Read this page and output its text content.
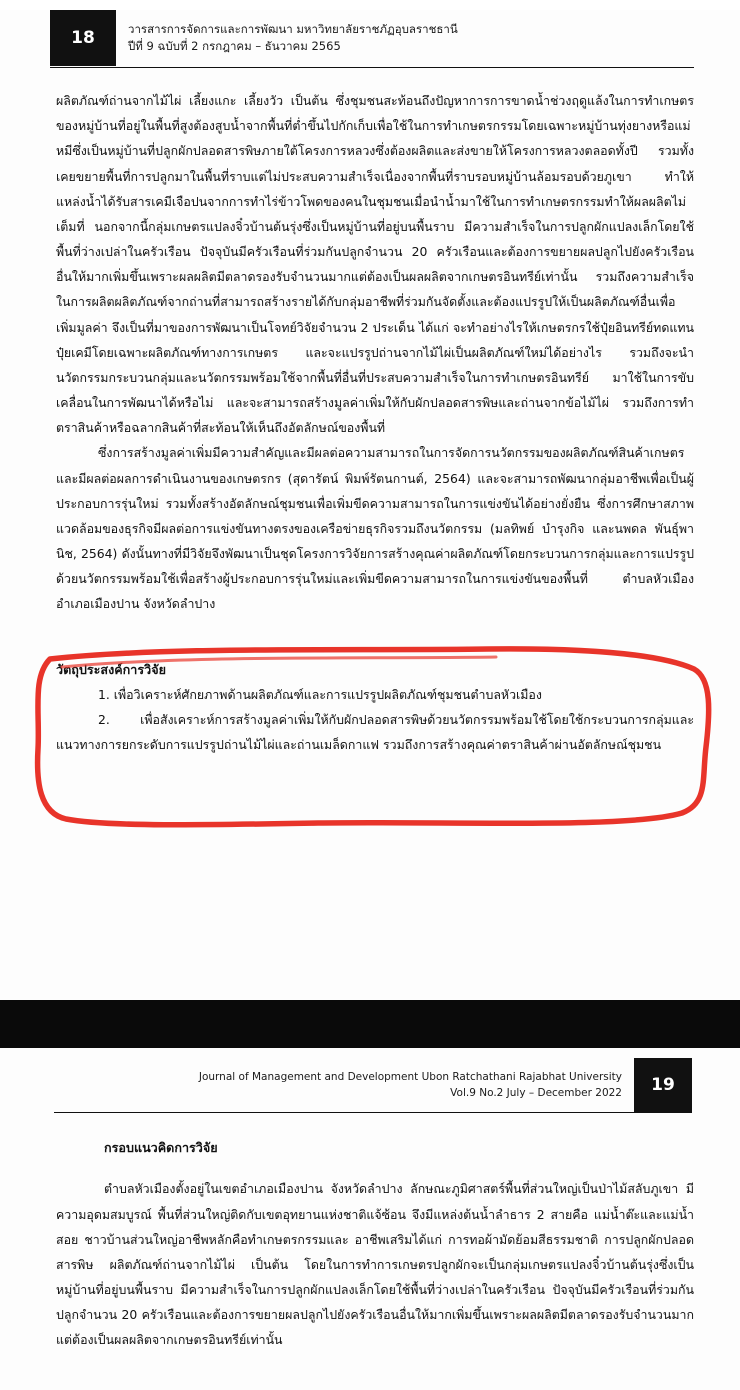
18	วารสารการจัดการและการพัฒนา มหาวิทยาลัยราชภัฏอุบลราชธานี
ปีที่ 9 ฉบับที่ 2 กรกฎาคม – ธันวาคม 2565

ผลิตภัณฑ์ถ่านจากไม้ไผ่ เลี้ยงแกะ เลี้ยงวัว เป็นต้น ซึ่งชุมชนสะท้อนถึงปัญหาการการขาดน้ำช่วงฤดูแล้งในการทำเกษตรของหมู่บ้านที่อยู่ในพื้นที่สูงต้องสูบน้ำจากพื้นที่ต่ำขึ้นไปกักเก็บเพื่อใช้ในการทำเกษตรกรรมโดยเฉพาะหมู่บ้านทุ่งยางหรือแม่หมีซึ่งเป็นหมู่บ้านที่ปลูกผักปลอดสารพิษภายใต้โครงการหลวงซึ่งต้องผลิตและส่งขายให้โครงการหลวงตลอดทั้งปี รวมทั้งเคยขยายพื้นที่การปลูกมาในพื้นที่ราบแต่ไม่ประสบความสำเร็จเนื่องจากพื้นที่ราบรอบหมู่บ้านล้อมรอบด้วยภูเขา ทำให้แหล่งน้ำได้รับสารเคมีเจือปนจากการทำไร่ข้าวโพดของคนในชุมชนเมื่อนำน้ำมาใช้ในการทำเกษตรกรรมทำให้ผลผลิตไม่เต็มที่ นอกจากนี้กลุ่มเกษตรแปลงจิ๋วบ้านต้นรุ่งซึ่งเป็นหมู่บ้านที่อยู่บนพื้นราบ มีความสำเร็จในการปลูกผักแปลงเล็กโดยใช้พื้นที่ว่างเปล่าในครัวเรือน ปัจจุบันมีครัวเรือนที่ร่วมกันปลูกจำนวน 20 ครัวเรือนและต้องการขยายผลปลูกไปยังครัวเรือนอื่นให้มากเพิ่มขึ้นเพราะผลผลิตมีตลาดรองรับจำนวนมากแต่ต้องเป็นผลผลิตจากเกษตรอินทรีย์เท่านั้น รวมถึงความสำเร็จในการผลิตผลิตภัณฑ์จากถ่านที่สามารถสร้างรายได้กับกลุ่มอาชีพที่ร่วมกันจัดตั้งและต้องแปรรูปให้เป็นผลิตภัณฑ์อื่นเพื่อเพิ่มมูลค่า จึงเป็นที่มาของการพัฒนาเป็นโจทย์วิจัยจำนวน 2 ประเด็น ได้แก่ จะทำอย่างไรให้เกษตรกรใช้ปุ๋ยอินทรีย์ทดแทนปุ๋ยเคมีโดยเฉพาะผลิตภัณฑ์ทางการเกษตร และจะแปรรูปถ่านจากไม้ไผ่เป็นผลิตภัณฑ์ใหม่ได้อย่างไร รวมถึงจะนำนวัตกรรมกระบวนกลุ่มและนวัตกรรมพร้อมใช้จากพื้นที่อื่นที่ประสบความสำเร็จในการทำเกษตรอินทรีย์ มาใช้ในการขับเคลื่อนในการพัฒนาได้หรือไม่ และจะสามารถสร้างมูลค่าเพิ่มให้กับผักปลอดสารพิษและถ่านจากข้อไม้ไผ่ รวมถึงการทำตราสินค้าหรือฉลากสินค้าที่สะท้อนให้เห็นถึงอัตลักษณ์ของพื้นที่

ซึ่งการสร้างมูลค่าเพิ่มมีความสำคัญและมีผลต่อความสามารถในการจัดการนวัตกรรมของผลิตภัณฑ์สินค้าเกษตรและมีผลต่อผลการดำเนินงานของเกษตรกร (สุดารัตน์ พิมพ์รัตนกานต์, 2564) และจะสามารถพัฒนากลุ่มอาชีพเพื่อเป็นผู้ประกอบการรุ่นใหม่ รวมทั้งสร้างอัตลักษณ์ชุมชนเพื่อเพิ่มขีดความสามารถในการแข่งขันได้อย่างยั่งยืน ซึ่งการศึกษาสภาพแวดล้อมของธุรกิจมีผลต่อการแข่งขันทางตรงของเครือข่ายธุรกิจรวมถึงนวัตกรรม (มลทิพย์ บำรุงกิจ และนพดล พันธุ์พานิช, 2564) ดังนั้นทางที่มีวิจัยจึงพัฒนาเป็นชุดโครงการวิจัยการสร้างคุณค่าผลิตภัณฑ์โดยกระบวนการกลุ่มและการแปรรูปด้วยนวัตกรรมพร้อมใช้เพื่อสร้างผู้ประกอบการรุ่นใหม่และเพิ่มขีดความสามารถในการแข่งขันของพื้นที่ ตำบลหัวเมือง อำเภอเมืองปาน จังหวัดลำปาง

วัตถุประสงค์การวิจัย
1. เพื่อวิเคราะห์ศักยภาพด้านผลิตภัณฑ์และการแปรรูปผลิตภัณฑ์ชุมชนตำบลหัวเมือง
2. เพื่อสังเคราะห์การสร้างมูลค่าเพิ่มให้กับผักปลอดสารพิษด้วยนวัตกรรมพร้อมใช้โดยใช้กระบวนการกลุ่มและแนวทางการยกระดับการแปรรูปถ่านไม้ไผ่และถ่านเมล็ดกาแฟ รวมถึงการสร้างคุณค่าตราสินค้าผ่านอัตลักษณ์ชุมชน
Journal of Management and Development Ubon Ratchathani Rajabhat University
Vol.9 No.2 July – December 2022	19
กรอบแนวคิดการวิจัย

ตำบลหัวเมืองตั้งอยู่ในเขตอำเภอเมืองปาน จังหวัดลำปาง ลักษณะภูมิศาสตร์พื้นที่ส่วนใหญ่เป็นป่าไม้สลับภูเขา มีความอุดมสมบูรณ์ พื้นที่ส่วนใหญ่ติดกับเขตอุทยานแห่งชาติแจ้ซ้อน จึงมีแหล่งต้นน้ำลำธาร 2 สายคือ แม่น้ำต๊ะและแม่น้ำสอย ชาวบ้านส่วนใหญ่อาชีพหลักคือทำเกษตรกรรมและ อาชีพเสริมได้แก่ การทอผ้ามัดย้อมสีธรรมชาติ การปลูกผักปลอดสารพิษ ผลิตภัณฑ์ถ่านจากไม้ไผ่ เป็นต้น โดยในการทำการเกษตรปลูกผักจะเป็นกลุ่มเกษตรแปลงจิ๋วบ้านต้นรุ่งซึ่งเป็นหมู่บ้านที่อยู่บนพื้นราบ มีความสำเร็จในการปลูกผักแปลงเล็กโดยใช้พื้นที่ว่างเปล่าในครัวเรือน ปัจจุบันมีครัวเรือนที่ร่วมกันปลูกจำนวน 20 ครัวเรือนและต้องการขยายผลปลูกไปยังครัวเรือนอื่นให้มากเพิ่มขึ้นเพราะผลผลิตมีตลาดรองรับจำนวนมากแต่ต้องเป็นผลผลิตจากเกษตรอินทรีย์เท่านั้น
